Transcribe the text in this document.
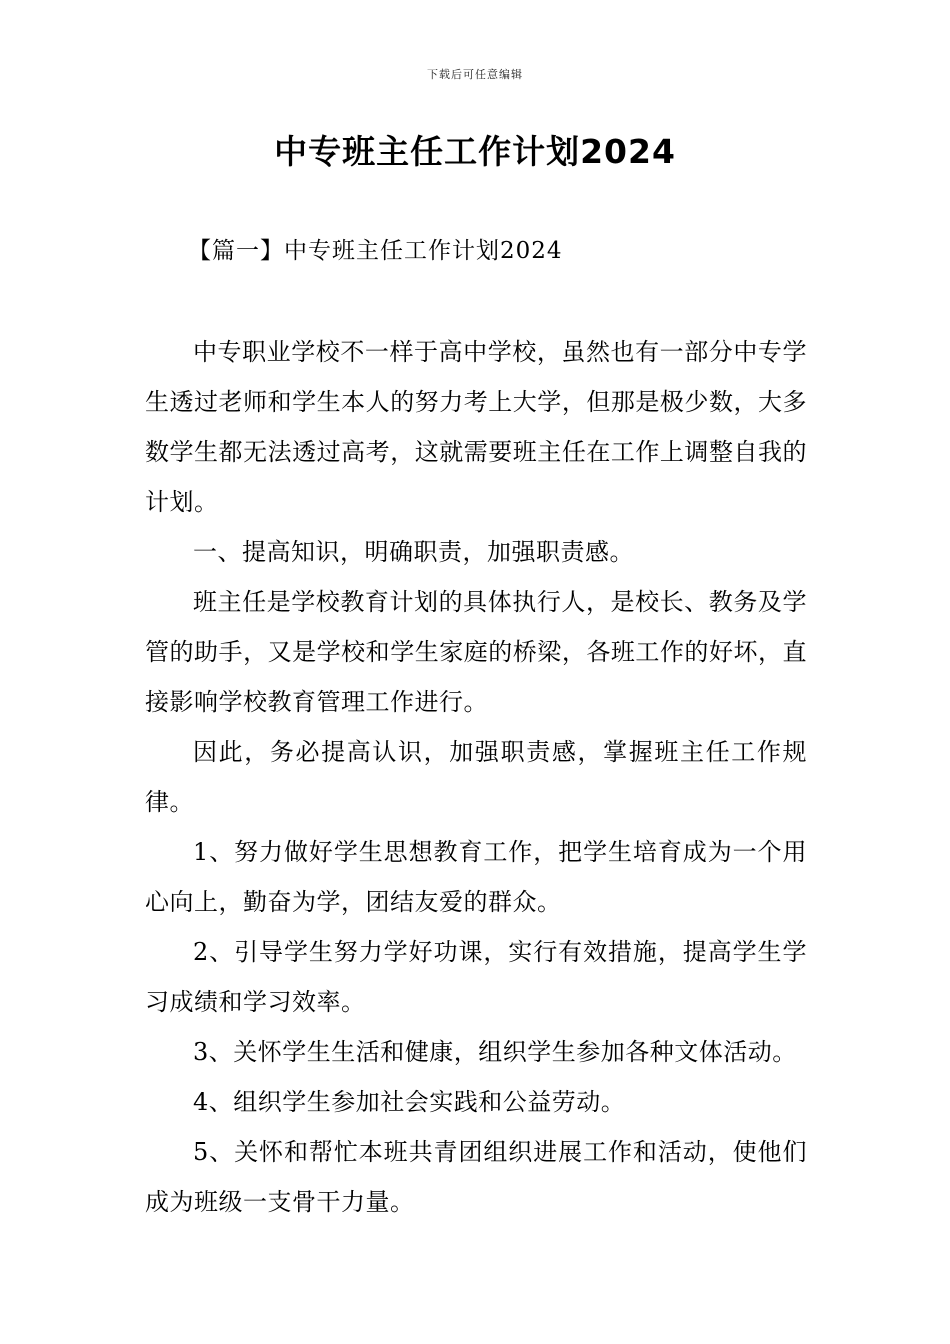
下载后可任意编辑
中专班主任工作计划2024
【篇一】中专班主任工作计划2024

中专职业学校不一样于高中学校，虽然也有一部分中专学生透过老师和学生本人的努力考上大学，但那是极少数，大多数学生都无法透过高考，这就需要班主任在工作上调整自我的计划。

一、提高知识，明确职责，加强职责感。

班主任是学校教育计划的具体执行人，是校长、教务及学管的助手，又是学校和学生家庭的桥梁，各班工作的好坏，直接影响学校教育管理工作进行。

因此，务必提高认识，加强职责感，掌握班主任工作规律。

1、努力做好学生思想教育工作，把学生培育成为一个用心向上，勤奋为学，团结友爱的群众。

2、引导学生努力学好功课，实行有效措施，提高学生学习成绩和学习效率。

3、关怀学生生活和健康，组织学生参加各种文体活动。

4、组织学生参加社会实践和公益劳动。

5、关怀和帮忙本班共青团组织进展工作和活动，使他们成为班级一支骨干力量。
